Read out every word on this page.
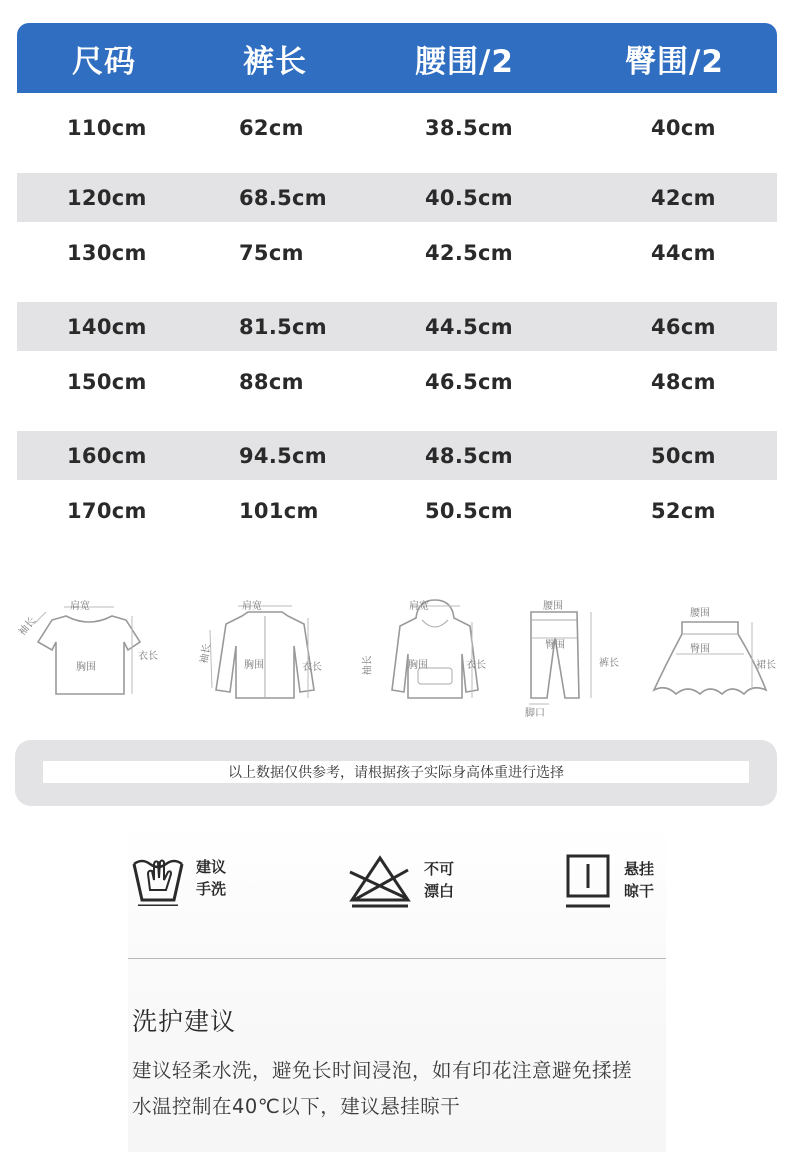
尺码	裤长	腰围/2	臀围/2
110cm	62cm	38.5cm	40cm
120cm	68.5cm	40.5cm	42cm
130cm	75cm	42.5cm	44cm
140cm	81.5cm	44.5cm	46cm
150cm	88cm	46.5cm	48cm
160cm	94.5cm	48.5cm	50cm
170cm	101cm	50.5cm	52cm
肩宽
袖长
胸围
衣长
肩宽
袖长
胸围	衣长
肩宽
袖长	胸围	衣长
腰围
臀围
裤长
脚口
腰围
臀围
裙长
以上数据仅供参考，请根据孩子实际身高体重进行选择
建议
手洗
不可
漂白
悬挂
晾干
洗护建议
建议轻柔水洗，避免长时间浸泡，如有印花注意避免揉搓
水温控制在40℃以下，建议悬挂晾干
